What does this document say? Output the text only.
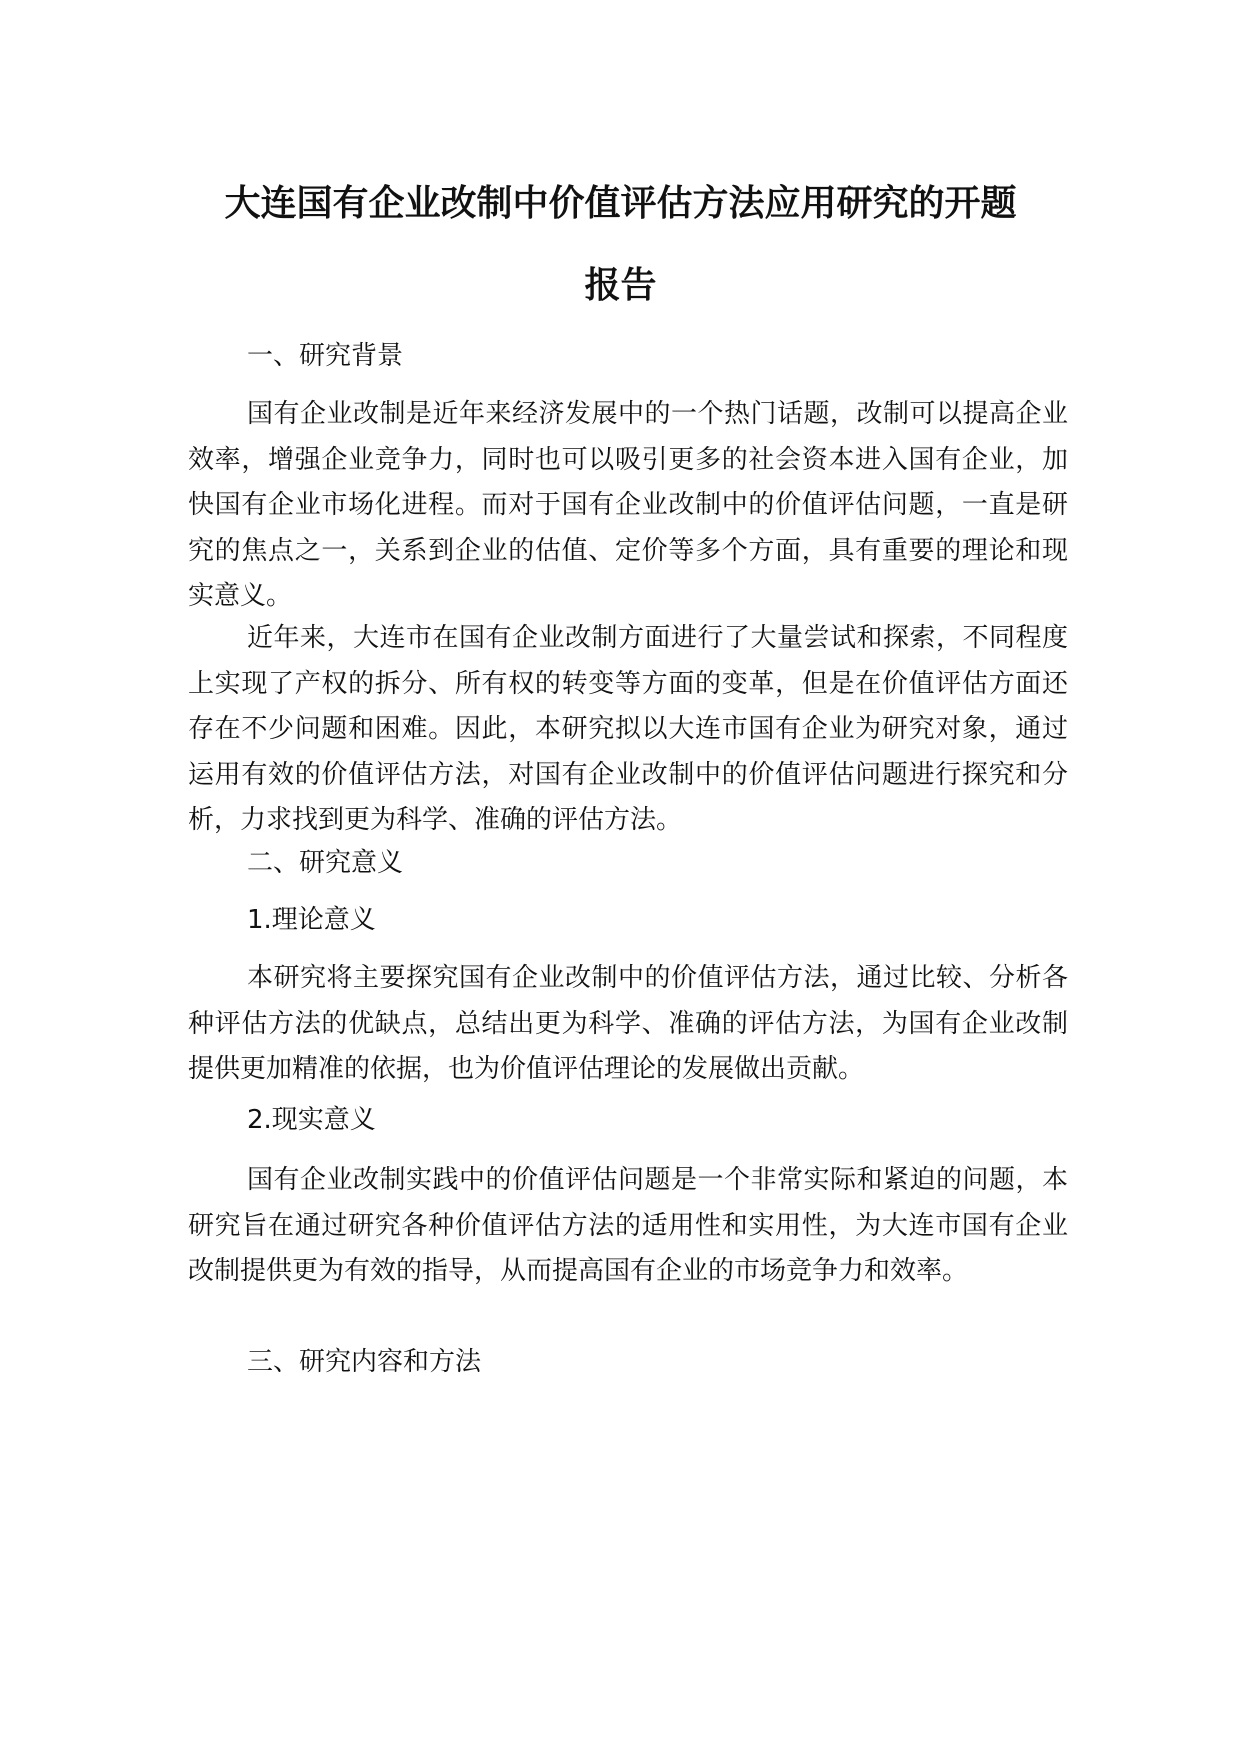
大连国有企业改制中价值评估方法应用研究的开题
报告

一、研究背景

国有企业改制是近年来经济发展中的一个热门话题，改制可以提高企业效率，增强企业竞争力，同时也可以吸引更多的社会资本进入国有企业，加快国有企业市场化进程。而对于国有企业改制中的价值评估问题，一直是研究的焦点之一，关系到企业的估值、定价等多个方面，具有重要的理论和现实意义。

近年来，大连市在国有企业改制方面进行了大量尝试和探索，不同程度上实现了产权的拆分、所有权的转变等方面的变革，但是在价值评估方面还存在不少问题和困难。因此，本研究拟以大连市国有企业为研究对象，通过运用有效的价值评估方法，对国有企业改制中的价值评估问题进行探究和分析，力求找到更为科学、准确的评估方法。

二、研究意义

1.理论意义

本研究将主要探究国有企业改制中的价值评估方法，通过比较、分析各种评估方法的优缺点，总结出更为科学、准确的评估方法，为国有企业改制提供更加精准的依据，也为价值评估理论的发展做出贡献。

2.现实意义

国有企业改制实践中的价值评估问题是一个非常实际和紧迫的问题，本研究旨在通过研究各种价值评估方法的适用性和实用性，为大连市国有企业改制提供更为有效的指导，从而提高国有企业的市场竞争力和效率。

三、研究内容和方法
